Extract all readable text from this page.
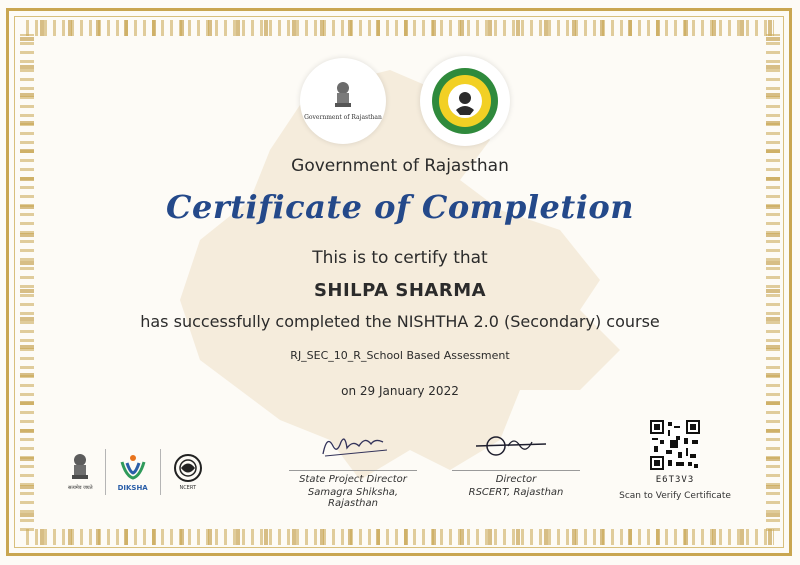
Government of Rajasthan
Government of Rajasthan
Certificate of Completion
This is to certify that
SHILPA SHARMA
has successfully completed the NISHTHA 2.0 (Secondary) course
RJ_SEC_10_R_School Based Assessment
on 29 January 2022
सत्यमेव जयते	DIKSHA	NCERT
State Project Director
Samagra Shiksha, Rajasthan
Director
RSCERT, Rajasthan
E6T3V3
Scan to Verify Certificate
